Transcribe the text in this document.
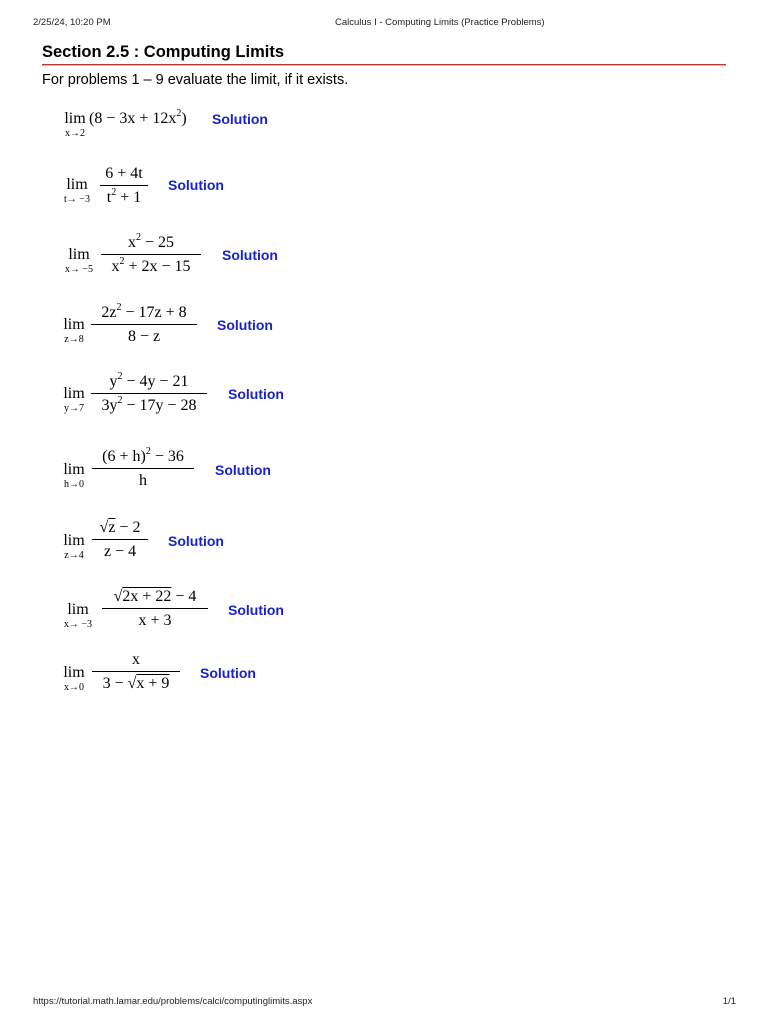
2/25/24, 10:20 PM	Calculus I - Computing Limits (Practice Problems)
Section 2.5 : Computing Limits
For problems 1 – 9 evaluate the limit, if it exists.
lim
x→2
$(8 - 3x + 12x^2)$ Solution
lim
t→ −3
6 + 4t
$t^2 + 1$
Solution
lim
x→ −5
$x^2 - 25$
$x^2 + 2x - 15$
Solution
lim
z→8
$2z^2 - 17z + 8$
8 − z
Solution
lim
y→7
$y^2 - 4y - 21$
$3y^2 - 17y - 28$
Solution
lim
h→0
$(6 + h)^2 - 36$
h
Solution
lim
z→4
√z − 2
z − 4
Solution
lim
x→ −3
√2x + 22 − 4
x + 3
Solution
lim
x→0
x
3 − √x + 9
Solution
https://tutorial.math.lamar.edu/problems/calci/computinglimits.aspx	1/1
